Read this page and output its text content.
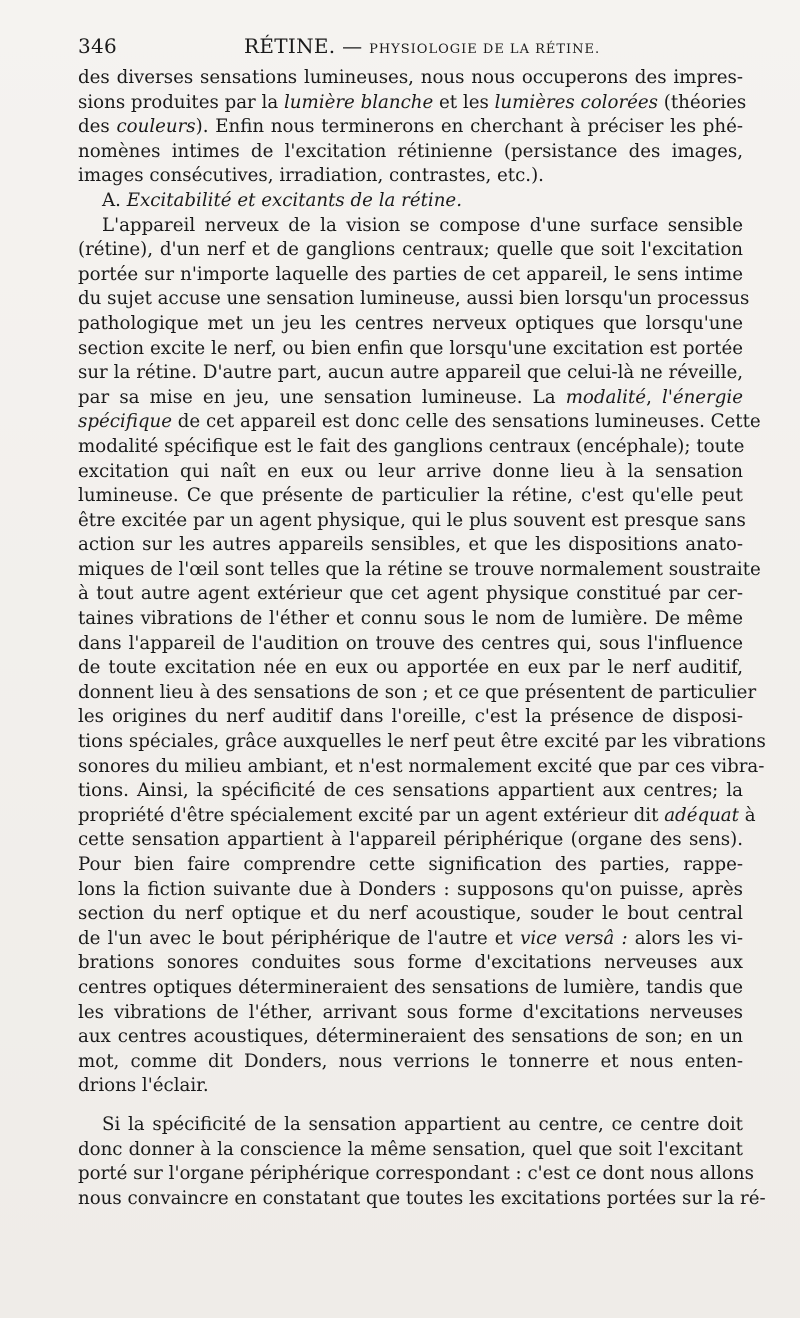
346	RÉTINE. — PHYSIOLOGIE DE LA RÉTINE.
des diverses sensations lumineuses, nous nous occuperons des impres-
sions produites par la lumière blanche et les lumières colorées (théories
des couleurs). Enfin nous terminerons en cherchant à préciser les phé-
nomènes intimes de l'excitation rétinienne (persistance des images,
images consécutives, irradiation, contrastes, etc.).
A. Excitabilité et excitants de la rétine.
L'appareil nerveux de la vision se compose d'une surface sensible
(rétine), d'un nerf et de ganglions centraux; quelle que soit l'excitation
portée sur n'importe laquelle des parties de cet appareil, le sens intime
du sujet accuse une sensation lumineuse, aussi bien lorsqu'un processus
pathologique met un jeu les centres nerveux optiques que lorsqu'une
section excite le nerf, ou bien enfin que lorsqu'une excitation est portée
sur la rétine. D'autre part, aucun autre appareil que celui-là ne réveille,
par sa mise en jeu, une sensation lumineuse. La modalité, l'énergie
spécifique de cet appareil est donc celle des sensations lumineuses. Cette
modalité spécifique est le fait des ganglions centraux (encéphale); toute
excitation qui naît en eux ou leur arrive donne lieu à la sensation
lumineuse. Ce que présente de particulier la rétine, c'est qu'elle peut
être excitée par un agent physique, qui le plus souvent est presque sans
action sur les autres appareils sensibles, et que les dispositions anato-
miques de l'œil sont telles que la rétine se trouve normalement soustraite
à tout autre agent extérieur que cet agent physique constitué par cer-
taines vibrations de l'éther et connu sous le nom de lumière. De même
dans l'appareil de l'audition on trouve des centres qui, sous l'influence
de toute excitation née en eux ou apportée en eux par le nerf auditif,
donnent lieu à des sensations de son ; et ce que présentent de particulier
les origines du nerf auditif dans l'oreille, c'est la présence de disposi-
tions spéciales, grâce auxquelles le nerf peut être excité par les vibrations
sonores du milieu ambiant, et n'est normalement excité que par ces vibra-
tions. Ainsi, la spécificité de ces sensations appartient aux centres; la
propriété d'être spécialement excité par un agent extérieur dit adéquat à
cette sensation appartient à l'appareil périphérique (organe des sens).
Pour bien faire comprendre cette signification des parties, rappe-
lons la fiction suivante due à Donders : supposons qu'on puisse, après
section du nerf optique et du nerf acoustique, souder le bout central
de l'un avec le bout périphérique de l'autre et vice versâ : alors les vi-
brations sonores conduites sous forme d'excitations nerveuses aux
centres optiques détermineraient des sensations de lumière, tandis que
les vibrations de l'éther, arrivant sous forme d'excitations nerveuses
aux centres acoustiques, détermineraient des sensations de son; en un
mot, comme dit Donders, nous verrions le tonnerre et nous enten-
drions l'éclair.
Si la spécificité de la sensation appartient au centre, ce centre doit
donc donner à la conscience la même sensation, quel que soit l'excitant
porté sur l'organe périphérique correspondant : c'est ce dont nous allons
nous convaincre en constatant que toutes les excitations portées sur la ré-
